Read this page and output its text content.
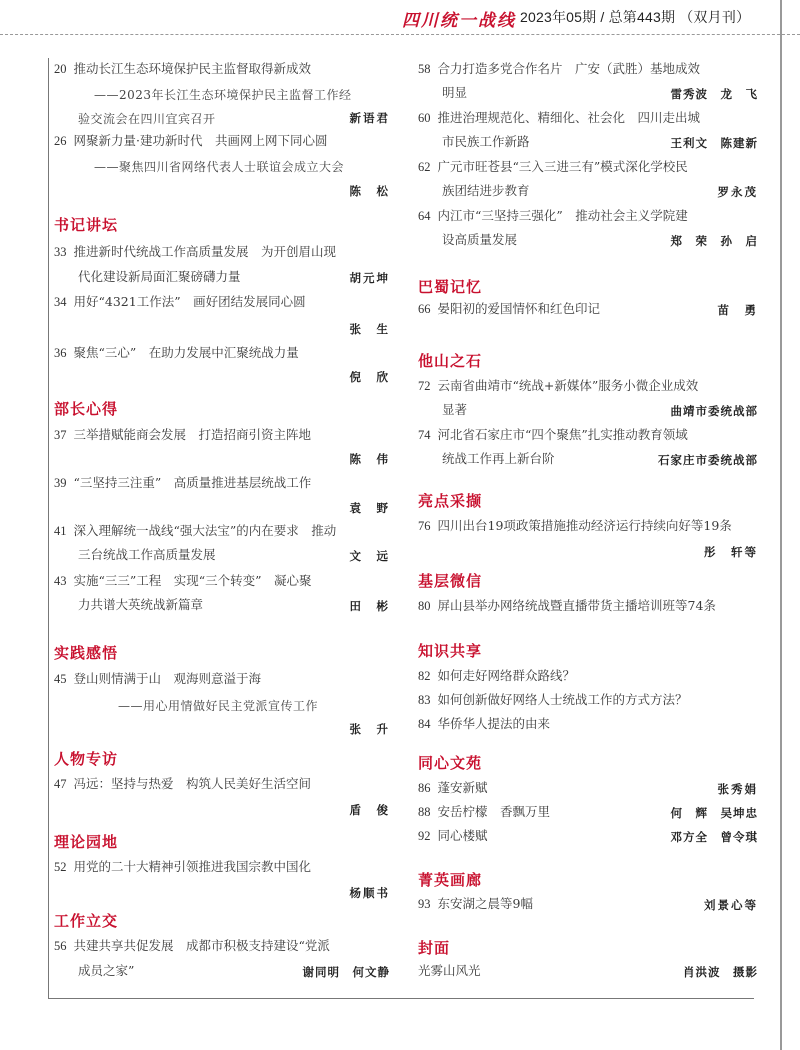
四川统一战线 2023年05期 / 总第443期 （双月刊）
20 推动长江生态环境保护民主监督取得新成效
——2023年长江生态环境保护民主监督工作经
验交流会在四川宜宾召开	新语君
26 网聚新力量·建功新时代　共画网上网下同心圆
——聚焦四川省网络代表人士联谊会成立大会
陈　松
书记讲坛
33 推进新时代统战工作高质量发展　为开创眉山现
代化建设新局面汇聚磅礴力量	胡元坤
34 用好“4321工作法”　画好团结发展同心圆
张　生
36 聚焦“三心”　在助力发展中汇聚统战力量
倪　欣
部长心得
37 三举措赋能商会发展　打造招商引资主阵地
陈　伟
39 “三坚持三注重”　高质量推进基层统战工作
袁　野
41 深入理解统一战线“强大法宝”的内在要求　推动
三台统战工作高质量发展	文　远
43 实施“三三”工程　实现“三个转变”　凝心聚
力共谱大英统战新篇章	田　彬
实践感悟
45 登山则情满于山　观海则意溢于海
——用心用情做好民主党派宣传工作
张　升
人物专访
47 冯远：坚持与热爱　构筑人民美好生活空间
盾　俊
理论园地
52 用党的二十大精神引领推进我国宗教中国化
杨顺书
工作立交
56 共建共享共促发展　成都市积极支持建设“党派
成员之家”	谢同明　何文静
58 合力打造多党合作名片　广安（武胜）基地成效
明显	雷秀波　龙　飞
60 推进治理规范化、精细化、社会化　四川走出城
市民族工作新路	王利文　陈建新
62 广元市旺苍县“三入三进三有”模式深化学校民
族团结进步教育	罗永茂
64 内江市“三坚持三强化”　推动社会主义学院建
设高质量发展	郑　荣　孙　启
巴蜀记忆
66 晏阳初的爱国情怀和红色印记	苗　勇
他山之石
72 云南省曲靖市“统战+新媒体”服务小微企业成效
显著	曲靖市委统战部
74 河北省石家庄市“四个聚焦”扎实推动教育领域
统战工作再上新台阶	石家庄市委统战部
亮点采撷
76 四川出台19项政策措施推动经济运行持续向好等19条
彤　轩等
基层微信
80 屏山县举办网络统战暨直播带货主播培训班等74条
知识共享
82 如何走好网络群众路线？
83 如何创新做好网络人士统战工作的方式方法？
84 华侨华人提法的由来
同心文苑
86 蓬安新赋	张秀娟
88 安岳柠檬　香飘万里	何　辉　吴坤忠
92 同心楼赋	邓方全　曾令琪
菁英画廊
93 东安湖之晨等9幅	刘景心等
封面
光雾山风光	肖洪波　摄影
